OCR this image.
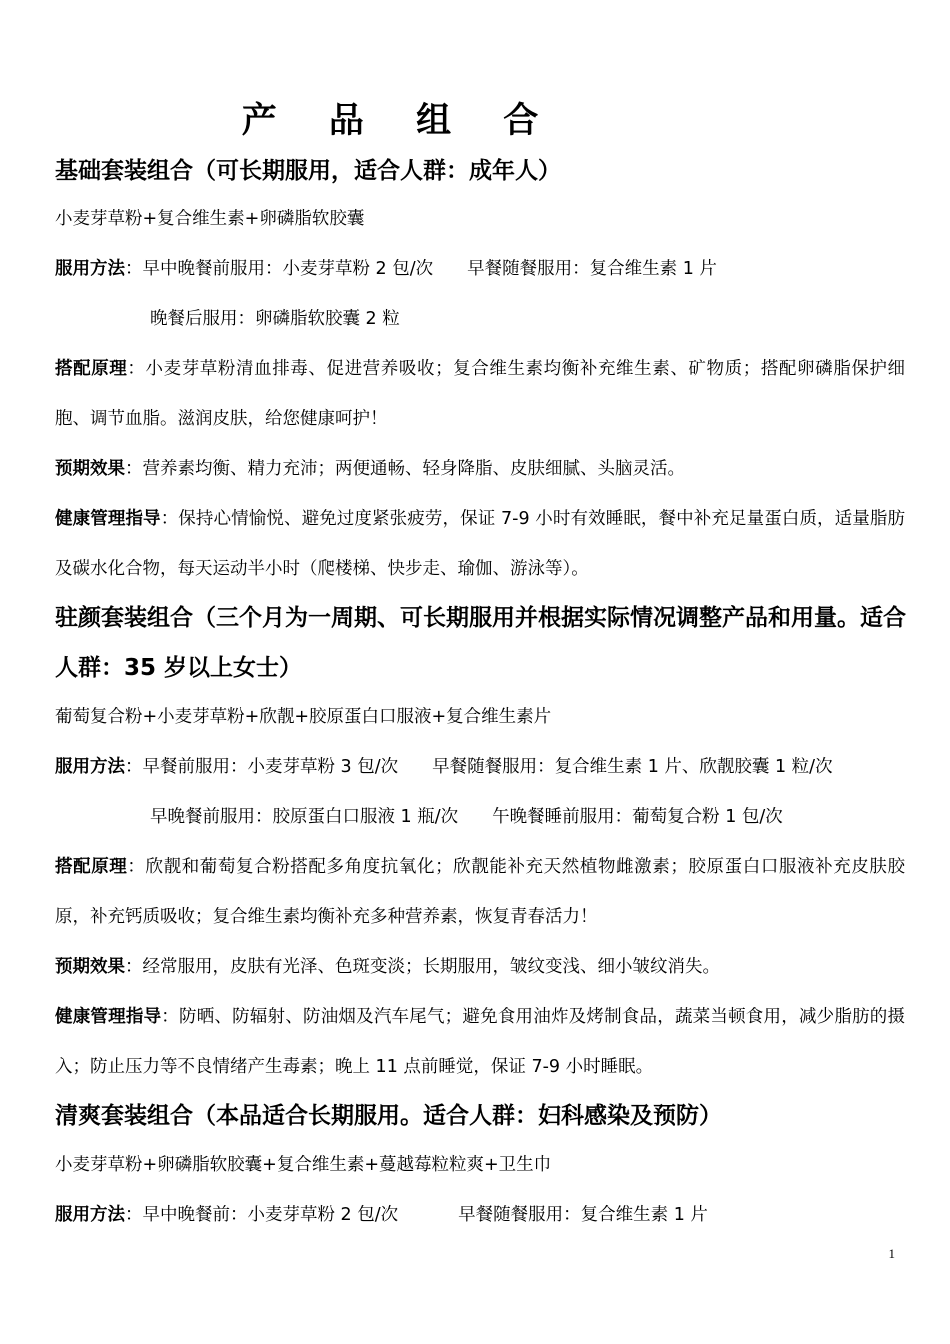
产 品 组 合
基础套装组合（可长期服用，适合人群：成年人）
小麦芽草粉+复合维生素+卵磷脂软胶囊
服用方法：早中晚餐前服用：小麦芽草粉 2 包/次 早餐随餐服用：复合维生素 1 片
晚餐后服用：卵磷脂软胶囊 2 粒
搭配原理：小麦芽草粉清血排毒、促进营养吸收；复合维生素均衡补充维生素、矿物质；搭配卵磷脂保护细胞、调节血脂。滋润皮肤，给您健康呵护！
预期效果：营养素均衡、精力充沛；两便通畅、轻身降脂、皮肤细腻、头脑灵活。
健康管理指导：保持心情愉悦、避免过度紧张疲劳，保证 7-9 小时有效睡眠，餐中补充足量蛋白质，适量脂肪及碳水化合物，每天运动半小时（爬楼梯、快步走、瑜伽、游泳等）。
驻颜套装组合（三个月为一周期、可长期服用并根据实际情况调整产品和用量。适合人群：35 岁以上女士）
葡萄复合粉+小麦芽草粉+欣靓+胶原蛋白口服液+复合维生素片
服用方法：早餐前服用：小麦芽草粉 3 包/次 早餐随餐服用：复合维生素 1 片、欣靓胶囊 1 粒/次
早晚餐前服用：胶原蛋白口服液 1 瓶/次 午晚餐睡前服用：葡萄复合粉 1 包/次
搭配原理：欣靓和葡萄复合粉搭配多角度抗氧化；欣靓能补充天然植物雌激素；胶原蛋白口服液补充皮肤胶原，补充钙质吸收；复合维生素均衡补充多种营养素，恢复青春活力！
预期效果：经常服用，皮肤有光泽、色斑变淡；长期服用，皱纹变浅、细小皱纹消失。
健康管理指导：防晒、防辐射、防油烟及汽车尾气；避免食用油炸及烤制食品，蔬菜当顿食用，减少脂肪的摄入；防止压力等不良情绪产生毒素；晚上 11 点前睡觉，保证 7-9 小时睡眠。
清爽套装组合（本品适合长期服用。适合人群：妇科感染及预防）
小麦芽草粉+卵磷脂软胶囊+复合维生素+蔓越莓粒粒爽+卫生巾
服用方法：早中晚餐前：小麦芽草粉 2 包/次	早餐随餐服用：复合维生素 1 片
1
